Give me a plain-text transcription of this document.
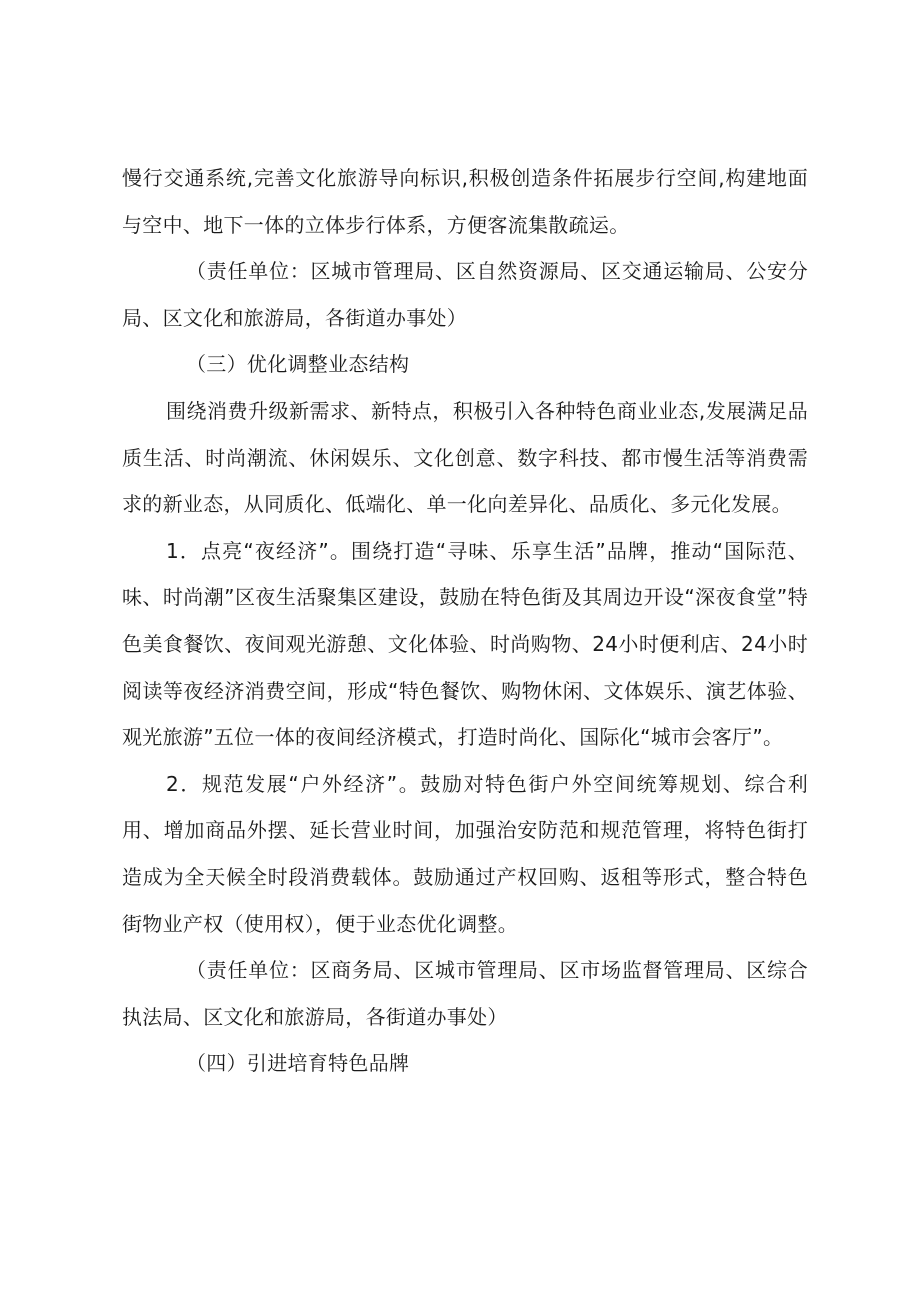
慢行交通系统,完善文化旅游导向标识,积极创造条件拓展步行空间,构建地面与空中、地下一体的立体步行体系，方便客流集散疏运。

（责任单位：区城市管理局、区自然资源局、区交通运输局、公安分局、区文化和旅游局，各街道办事处）

（三）优化调整业态结构

围绕消费升级新需求、新特点，积极引入各种特色商业业态,发展满足品质生活、时尚潮流、休闲娱乐、文化创意、数字科技、都市慢生活等消费需求的新业态，从同质化、低端化、单一化向差异化、品质化、多元化发展。

1．点亮“夜经济”。围绕打造“寻味、乐享生活”品牌，推动“国际范、味、时尚潮”区夜生活聚集区建设，鼓励在特色街及其周边开设“深夜食堂”特色美食餐饮、夜间观光游憩、文化体验、时尚购物、24小时便利店、24小时阅读等夜经济消费空间，形成“特色餐饮、购物休闲、文体娱乐、演艺体验、观光旅游”五位一体的夜间经济模式，打造时尚化、国际化“城市会客厅”。

2．规范发展“户外经济”。鼓励对特色街户外空间统筹规划、综合利用、增加商品外摆、延长营业时间，加强治安防范和规范管理，将特色街打造成为全天候全时段消费载体。鼓励通过产权回购、返租等形式，整合特色街物业产权（使用权），便于业态优化调整。

（责任单位：区商务局、区城市管理局、区市场监督管理局、区综合执法局、区文化和旅游局，各街道办事处）

（四）引进培育特色品牌
